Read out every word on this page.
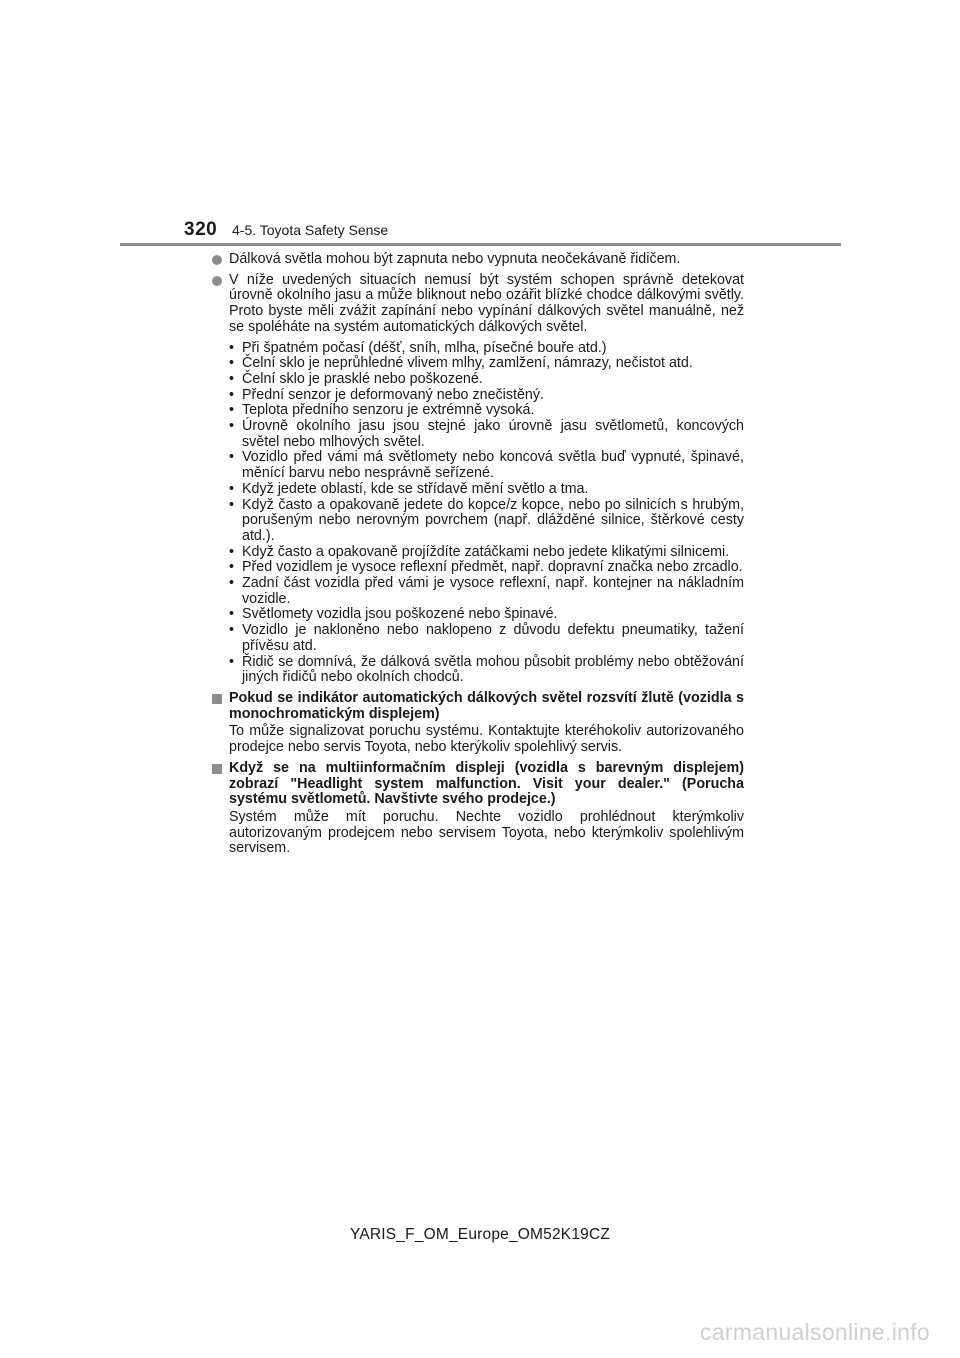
320 4-5. Toyota Safety Sense
Dálková světla mohou být zapnuta nebo vypnuta neočekávaně řidičem.
V níže uvedených situacích nemusí být systém schopen správně detekovat úrovně okolního jasu a může bliknout nebo ozářit blízké chodce dálkovými světly. Proto byste měli zvážit zapínání nebo vypínání dálkových světel manuálně, než se spoléháte na systém automatických dálkových světel.
• Při špatném počasí (déšť, sníh, mlha, písečné bouře atd.)
• Čelní sklo je neprůhledné vlivem mlhy, zamlžení, námrazy, nečistot atd.
• Čelní sklo je prasklé nebo poškozené.
• Přední senzor je deformovaný nebo znečistěný.
• Teplota předního senzoru je extrémně vysoká.
• Úrovně okolního jasu jsou stejné jako úrovně jasu světlometů, koncových světel nebo mlhových světel.
• Vozidlo před vámi má světlomety nebo koncová světla buď vypnuté, špinavé, měnící barvu nebo nesprávně seřízené.
• Když jedete oblastí, kde se střídavě mění světlo a tma.
• Když často a opakovaně jedete do kopce/z kopce, nebo po silnicích s hrubým, porušeným nebo nerovným povrchem (např. dlážděné silnice, štěrkové cesty atd.).
• Když často a opakovaně projíždíte zatáčkami nebo jedete klikatými silnicemi.
• Před vozidlem je vysoce reflexní předmět, např. dopravní značka nebo zrcadlo.
• Zadní část vozidla před vámi je vysoce reflexní, např. kontejner na nákladním vozidle.
• Světlomety vozidla jsou poškozené nebo špinavé.
• Vozidlo je nakloněno nebo naklopeno z důvodu defektu pneumatiky, tažení přívěsu atd.
• Řidič se domnívá, že dálková světla mohou působit problémy nebo obtěžování jiných řidičů nebo okolních chodců.
Pokud se indikátor automatických dálkových světel rozsvítí žlutě (vozidla s monochromatickým displejem)
To může signalizovat poruchu systému. Kontaktujte kteréhokoliv autorizovaného prodejce nebo servis Toyota, nebo kterýkoliv spolehlivý servis.
Když se na multiinformačním displeji (vozidla s barevným displejem) zobrazí "Headlight system malfunction. Visit your dealer." (Porucha systému světlometů. Navštivte svého prodejce.)
Systém může mít poruchu. Nechte vozidlo prohlédnout kterýmkoliv autorizovaným prodejcem nebo servisem Toyota, nebo kterýmkoliv spolehlivým servisem.
YARIS_F_OM_Europe_OM52K19CZ
carmanualsonline.info
